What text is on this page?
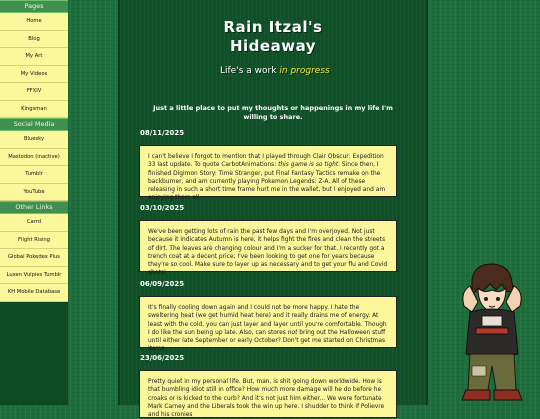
Pages
Home
Blog
My Art
My Videos
FFXIV
Kingsman
Social Media
Bluesky
Mastodon (inactive)
Tumblr
YouTube
Other Links
Carrd
Flight Rising
Global Pokedex Plus
Luxen Vulpies Tumblr
KH Mobile Database
Rain Itzal's
Hideaway
Life's a work in progress
Just a little place to put my thoughts or happenings in my life I'm willing to share.
08/11/2025
I can't believe I forgot to mention that I played through Clair Obscur: Expedition 33 last update. To quote CarbotAnimations: this game is so tight. Since then, I finished Digimon Story: Time Stranger, put Final Fantasy Tactics remake on the backburner, and am currently playing Pokemon Legends: Z-A. All of these releasing in such a short time frame hurt me in the wallet, but I enjoyed and am enjoying them all.
03/10/2025
We've been getting lots of rain the past few days and I'm overjoyed. Not just because it indicates Autumn is here, it helps fight the fires and clean the streets of dirt. The leaves are changing colour and I'm a sucker for that. I recently got a trench coat at a decent price; I've been looking to get one for years because they're so cool. Make sure to layer up as necessary and to get your flu and Covid shots!
06/09/2025
It's finally cooling down again and I could not be more happy. I hate the sweltering heat (we get humid heat here) and it really drains me of energy. At least with the cold, you can just layer and layer until you're comfortable. Though I do like the sun being up late. Also, can stores not bring out the Halloween stuff until either late September or early October? Don't get me started on Christmas items.
23/06/2025
Pretty quiet in my personal life. But, man, is shit going down worldwide. How is that bumbling idiot still in office? How much more damage will he do before he croaks or is kicked to the curb? And it's not just him either... We were fortunate Mark Carney and the Liberals took the win up here. I shudder to think if Polievre and his cronies
